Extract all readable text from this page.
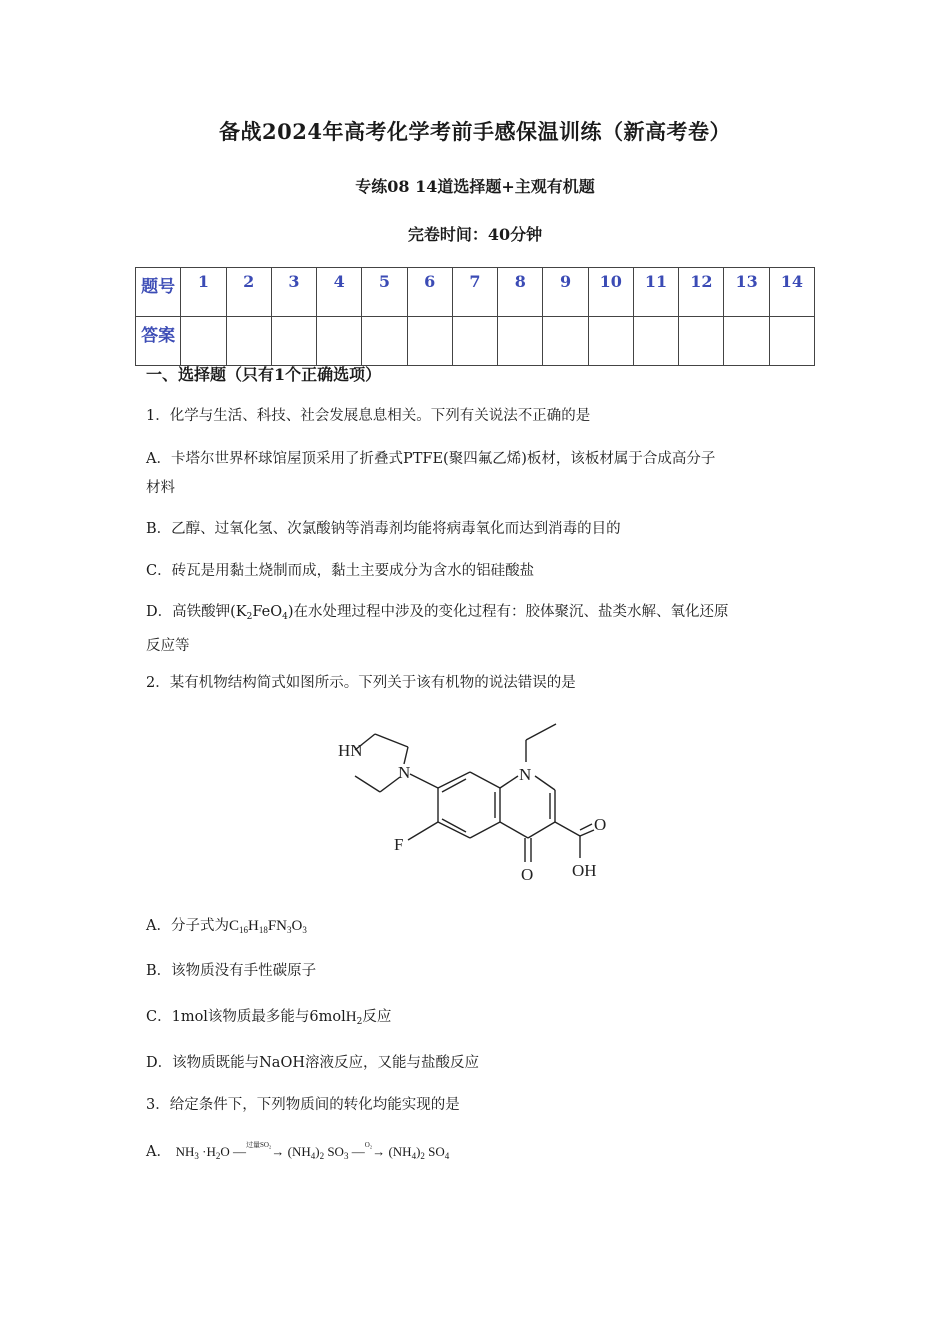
备战2024年高考化学考前手感保温训练（新高考卷）
专练08 14道选择题+主观有机题
完卷时间：40分钟
题号	1	2	3	4	5	6	7	8	9	10	11	12	13	14
答案														
一、选择题（只有1个正确选项）
1．化学与生活、科技、社会发展息息相关。下列有关说法不正确的是
A．卡塔尔世界杯球馆屋顶采用了折叠式PTFE(聚四氟乙烯)板材，该板材属于合成高分子
材料
B．乙醇、过氧化氢、次氯酸钠等消毒剂均能将病毒氧化而达到消毒的目的
C．砖瓦是用黏土烧制而成，黏土主要成分为含水的铝硅酸盐
D．高铁酸钾$(K_2FeO_4)$在水处理过程中涉及的变化过程有：胶体聚沉、盐类水解、氧化还原
反应等
2．某有机物结构简式如图所示。下列关于该有机物的说法错误的是
HN
N	N
F
O
O
OH
A．分子式为$C_{16}H_{18}FN_3O_3$
B．该物质没有手性碳原子
C．1mol该物质最多能与6molH$_2$反应
D．该物质既能与NaOH溶液反应，又能与盐酸反应
3．给定条件下，下列物质间的转化均能实现的是
A． $NH_3 \cdot H_2O$ —$^{过量SO_2}$→ $(NH_4)_2$ $SO_3$ —$^{O_2}$→ $(NH_4)_2$ $SO_4$
